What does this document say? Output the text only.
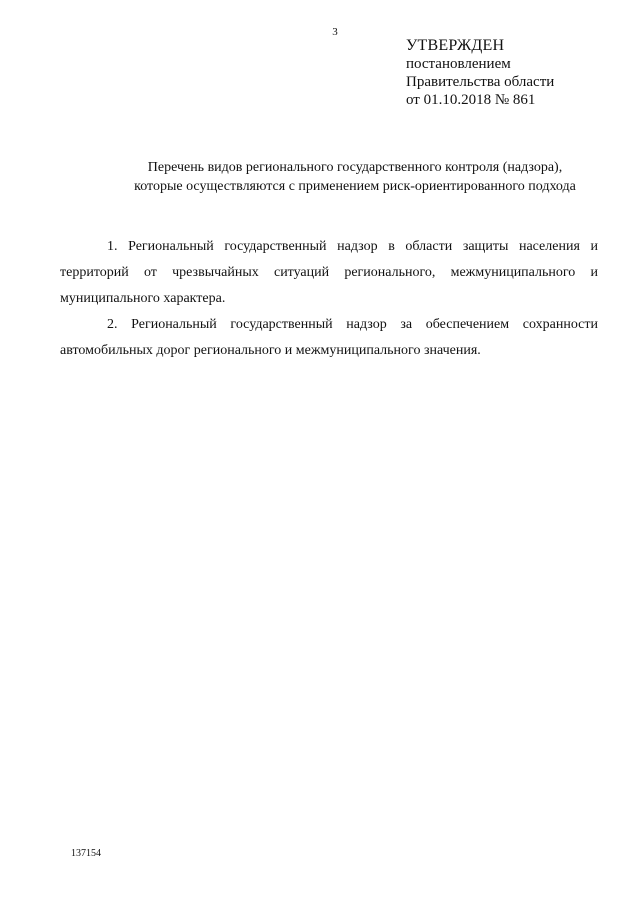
3
УТВЕРЖДЕН
постановлением
Правительства области
от 01.10.2018 № 861
Перечень видов регионального государственного контроля (надзора),
которые осуществляются с применением риск-ориентированного подхода

1. Региональный государственный надзор в области защиты населения и территорий от чрезвычайных ситуаций регионального, межмуниципального и муниципального характера.

2. Региональный государственный надзор за обеспечением сохранности автомобильных дорог регионального и межмуниципального значения.

137154
